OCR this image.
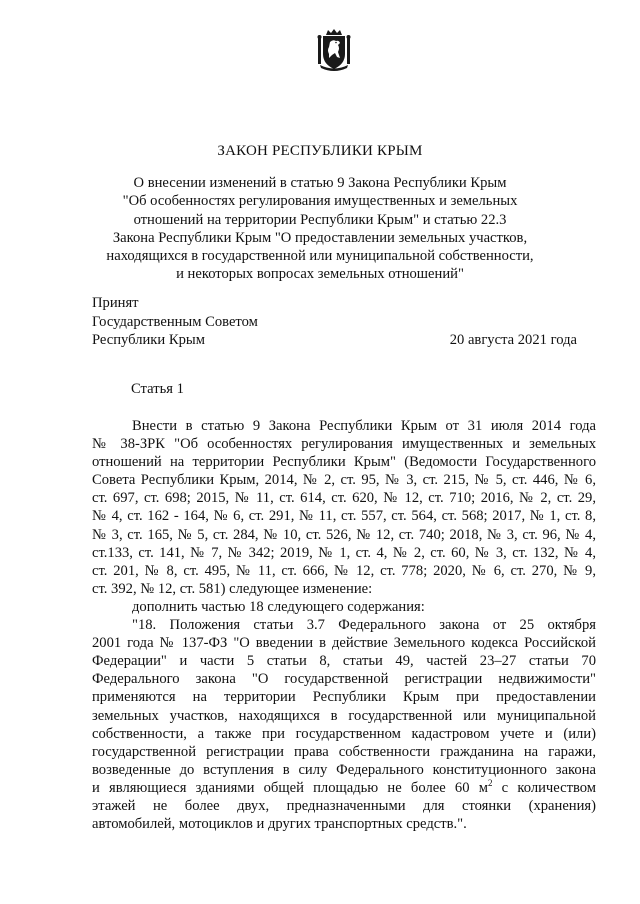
ЗАКОН РЕСПУБЛИКИ КРЫМ
О внесении изменений в статью 9 Закона Республики Крым
"Об особенностях регулирования имущественных и земельных
отношений на территории Республики Крым" и статью 22.3
Закона Республики Крым "О предоставлении земельных участков,
находящихся в государственной или муниципальной собственности,
и некоторых вопросах земельных отношений"
Принят
Государственным Советом
Республики Крым	20 августа 2021 года
Статья 1
Внести в статью 9 Закона Республики Крым от 31 июля 2014 года
№ 38-ЗРК "Об особенностях регулирования имущественных и земельных
отношений на территории Республики Крым" (Ведомости Государственного
Совета Республики Крым, 2014, № 2, ст. 95, № 3, ст. 215, № 5, ст. 446, № 6,
ст. 697, ст. 698; 2015, № 11, ст. 614, ст. 620, № 12, ст. 710; 2016, № 2, ст. 29,
№ 4, ст. 162 - 164, № 6, ст. 291, № 11, ст. 557, ст. 564, ст. 568; 2017, № 1, ст. 8,
№ 3, ст. 165, № 5, ст. 284, № 10, ст. 526, № 12, ст. 740; 2018, № 3, ст. 96, № 4,
ст.133, ст. 141, № 7, № 342; 2019, № 1, ст. 4, № 2, ст. 60, № 3, ст. 132, № 4,
ст. 201, № 8, ст. 495, № 11, ст. 666, № 12, ст. 778; 2020, № 6, ст. 270, № 9,
ст. 392, № 12, ст. 581) следующее изменение:
дополнить частью 18 следующего содержания:
"18. Положения статьи 3.7 Федерального закона от 25 октября
2001 года № 137-ФЗ "О введении в действие Земельного кодекса Российской
Федерации" и части 5 статьи 8, статьи 49, частей 23–27 статьи 70
Федерального закона "О государственной регистрации недвижимости"
применяются на территории Республики Крым при предоставлении
земельных участков, находящихся в государственной или муниципальной
собственности, а также при государственном кадастровом учете и (или)
государственной регистрации права собственности гражданина на гаражи,
возведенные до вступления в силу Федерального конституционного закона
и являющиеся зданиями общей площадью не более 60 $м^2$ с количеством
этажей не более двух, предназначенными для стоянки (хранения)
автомобилей, мотоциклов и других транспортных средств.".
